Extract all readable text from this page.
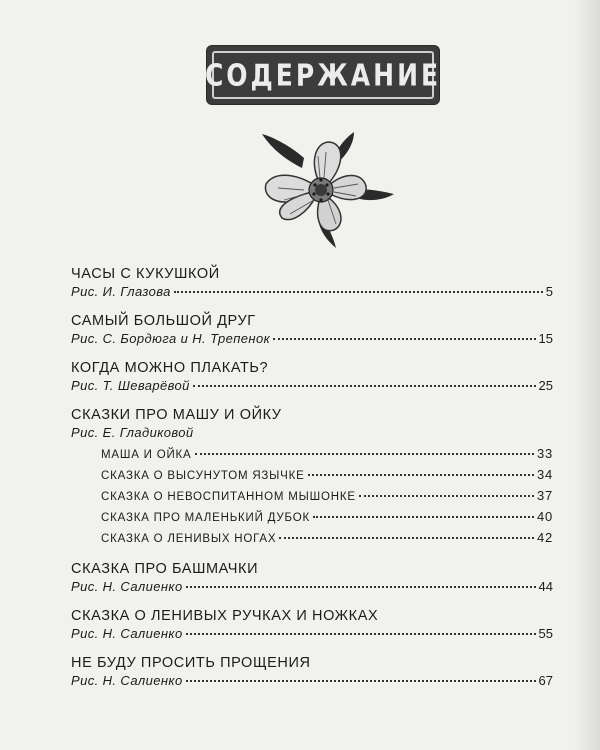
СОДЕРЖАНИЕ
ЧАСЫ С КУКУШКОЙ
Рис. И. Глазова	5
САМЫЙ БОЛЬШОЙ ДРУГ
Рис. С. Бордюга и Н. Трепенок	15
КОГДА МОЖНО ПЛАКАТЬ?
Рис. Т. Шеварёвой	25
СКАЗКИ ПРО МАШУ И ОЙКУ
Рис. Е. Гладиковой
МАША И ОЙКА	33
СКАЗКА О ВЫСУНУТОМ ЯЗЫЧКЕ	34
СКАЗКА О НЕВОСПИТАННОМ МЫШОНКЕ	37
СКАЗКА ПРО МАЛЕНЬКИЙ ДУБОК	40
СКАЗКА О ЛЕНИВЫХ НОГАХ	42
СКАЗКА ПРО БАШМАЧКИ
Рис. Н. Салиенко	44
СКАЗКА О ЛЕНИВЫХ РУЧКАХ И НОЖКАХ
Рис. Н. Салиенко	55
НЕ БУДУ ПРОСИТЬ ПРОЩЕНИЯ
Рис. Н. Салиенко	67
